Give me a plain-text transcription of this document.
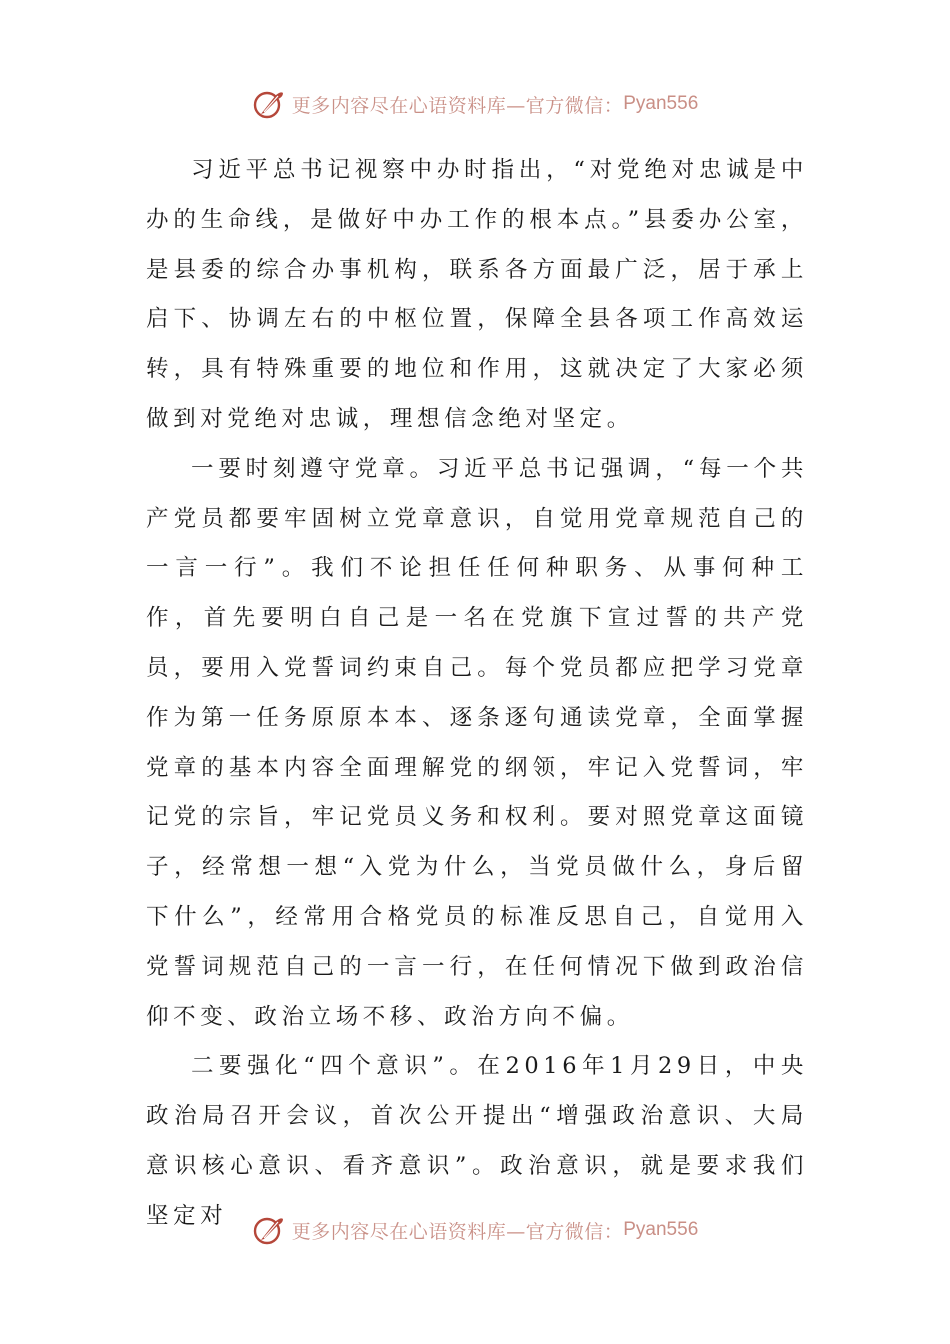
更多内容尽在心语资料库—官方微信： Pyan556

习近平总书记视察中办时指出，“对党绝对忠诚是中办的生命线，是做好中办工作的根本点。”县委办公室，是县委的综合办事机构，联系各方面最广泛，居于承上启下、协调左右的中枢位置，保障全县各项工作高效运转，具有特殊重要的地位和作用，这就决定了大家必须做到对党绝对忠诚，理想信念绝对坚定。

一要时刻遵守党章。习近平总书记强调，“每一个共产党员都要牢固树立党章意识，自觉用党章规范自己的一言一行”。我们不论担任任何种职务、从事何种工作，首先要明白自己是一名在党旗下宣过誓的共产党员，要用入党誓词约束自己。每个党员都应把学习党章作为第一任务原原本本、逐条逐句通读党章，全面掌握党章的基本内容全面理解党的纲领，牢记入党誓词，牢记党的宗旨，牢记党员义务和权利。要对照党章这面镜子，经常想一想“入党为什么，当党员做什么，身后留下什么”，经常用合格党员的标准反思自己，自觉用入党誓词规范自己的一言一行，在任何情况下做到政治信仰不变、政治立场不移、政治方向不偏。

二要强化“四个意识”。在2016年1月29日，中央政治局召开会议，首次公开提出“增强政治意识、大局意识核心意识、看齐意识”。政治意识，就是要求我们坚定对

更多内容尽在心语资料库—官方微信： Pyan556
